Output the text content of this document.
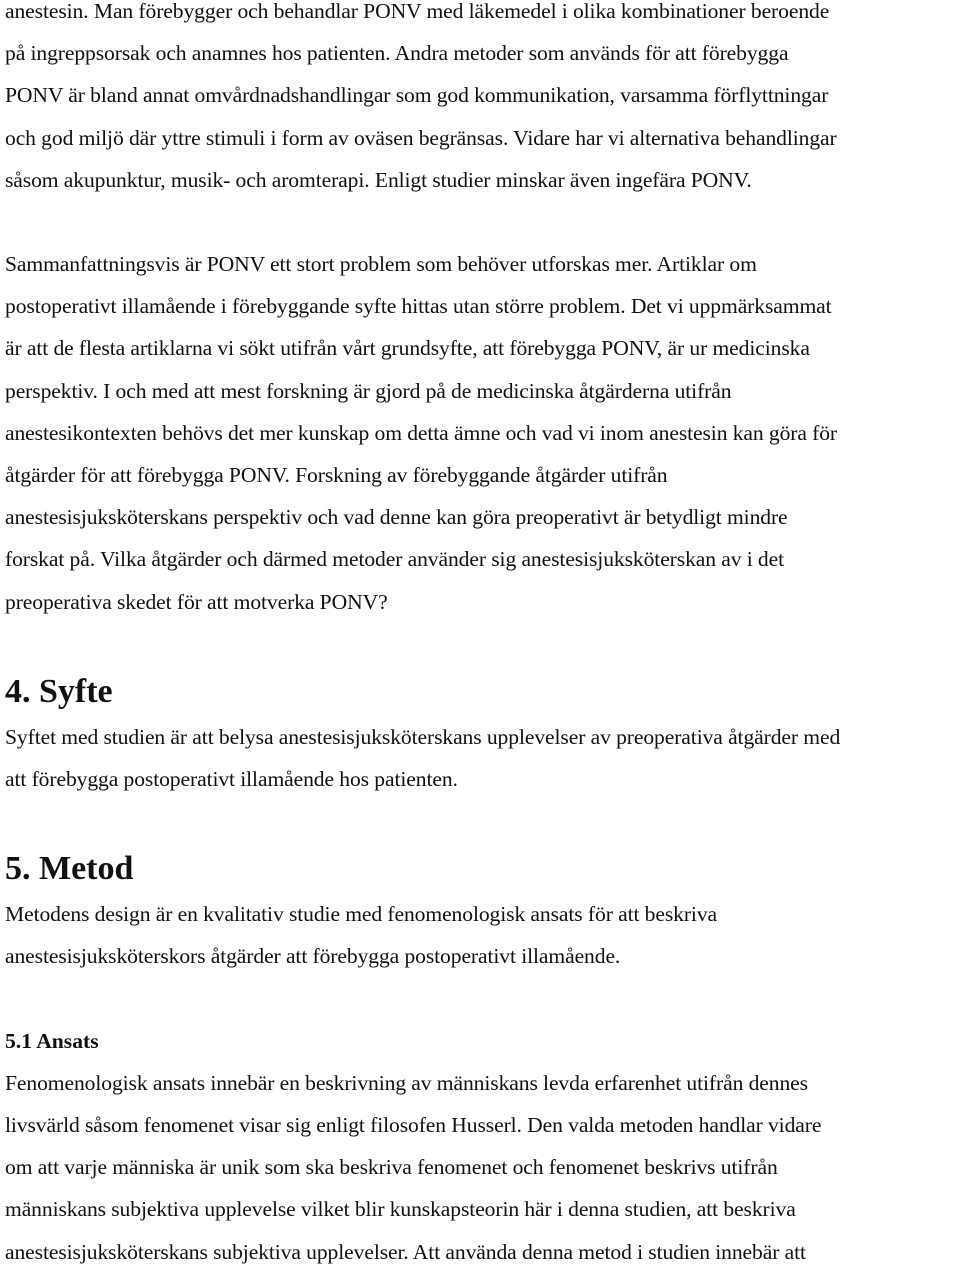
anestesin. Man förebygger och behandlar PONV med läkemedel i olika kombinationer beroende
på ingreppsorsak och anamnes hos patienten. Andra metoder som används för att förebygga
PONV är bland annat omvårdnadshandlingar som god kommunikation, varsamma förflyttningar
och god miljö där yttre stimuli i form av oväsen begränsas. Vidare har vi alternativa behandlingar
såsom akupunktur, musik- och aromterapi. Enligt studier minskar även ingefära PONV.

Sammanfattningsvis är PONV ett stort problem som behöver utforskas mer. Artiklar om
postoperativt illamående i förebyggande syfte hittas utan större problem. Det vi uppmärksammat
är att de flesta artiklarna vi sökt utifrån vårt grundsyfte, att förebygga PONV, är ur medicinska
perspektiv. I och med att mest forskning är gjord på de medicinska åtgärderna utifrån
anestesikontexten behövs det mer kunskap om detta ämne och vad vi inom anestesin kan göra för
åtgärder för att förebygga PONV. Forskning av förebyggande åtgärder utifrån
anestesisjuksköterskans perspektiv och vad denne kan göra preoperativt är betydligt mindre
forskat på. Vilka åtgärder och därmed metoder använder sig anestesisjuksköterskan av i det
preoperativa skedet för att motverka PONV?

4. Syfte

Syftet med studien är att belysa anestesisjuksköterskans upplevelser av preoperativa åtgärder med
att förebygga postoperativt illamående hos patienten.

5. Metod

Metodens design är en kvalitativ studie med fenomenologisk ansats för att beskriva
anestesisjuksköterskors åtgärder att förebygga postoperativt illamående.

5.1 Ansats

Fenomenologisk ansats innebär en beskrivning av människans levda erfarenhet utifrån dennes
livsvärld såsom fenomenet visar sig enligt filosofen Husserl. Den valda metoden handlar vidare
om att varje människa är unik som ska beskriva fenomenet och fenomenet beskrivs utifrån
människans subjektiva upplevelse vilket blir kunskapsteorin här i denna studien, att beskriva
anestesisjuksköterskans subjektiva upplevelser. Att använda denna metod i studien innebär att
